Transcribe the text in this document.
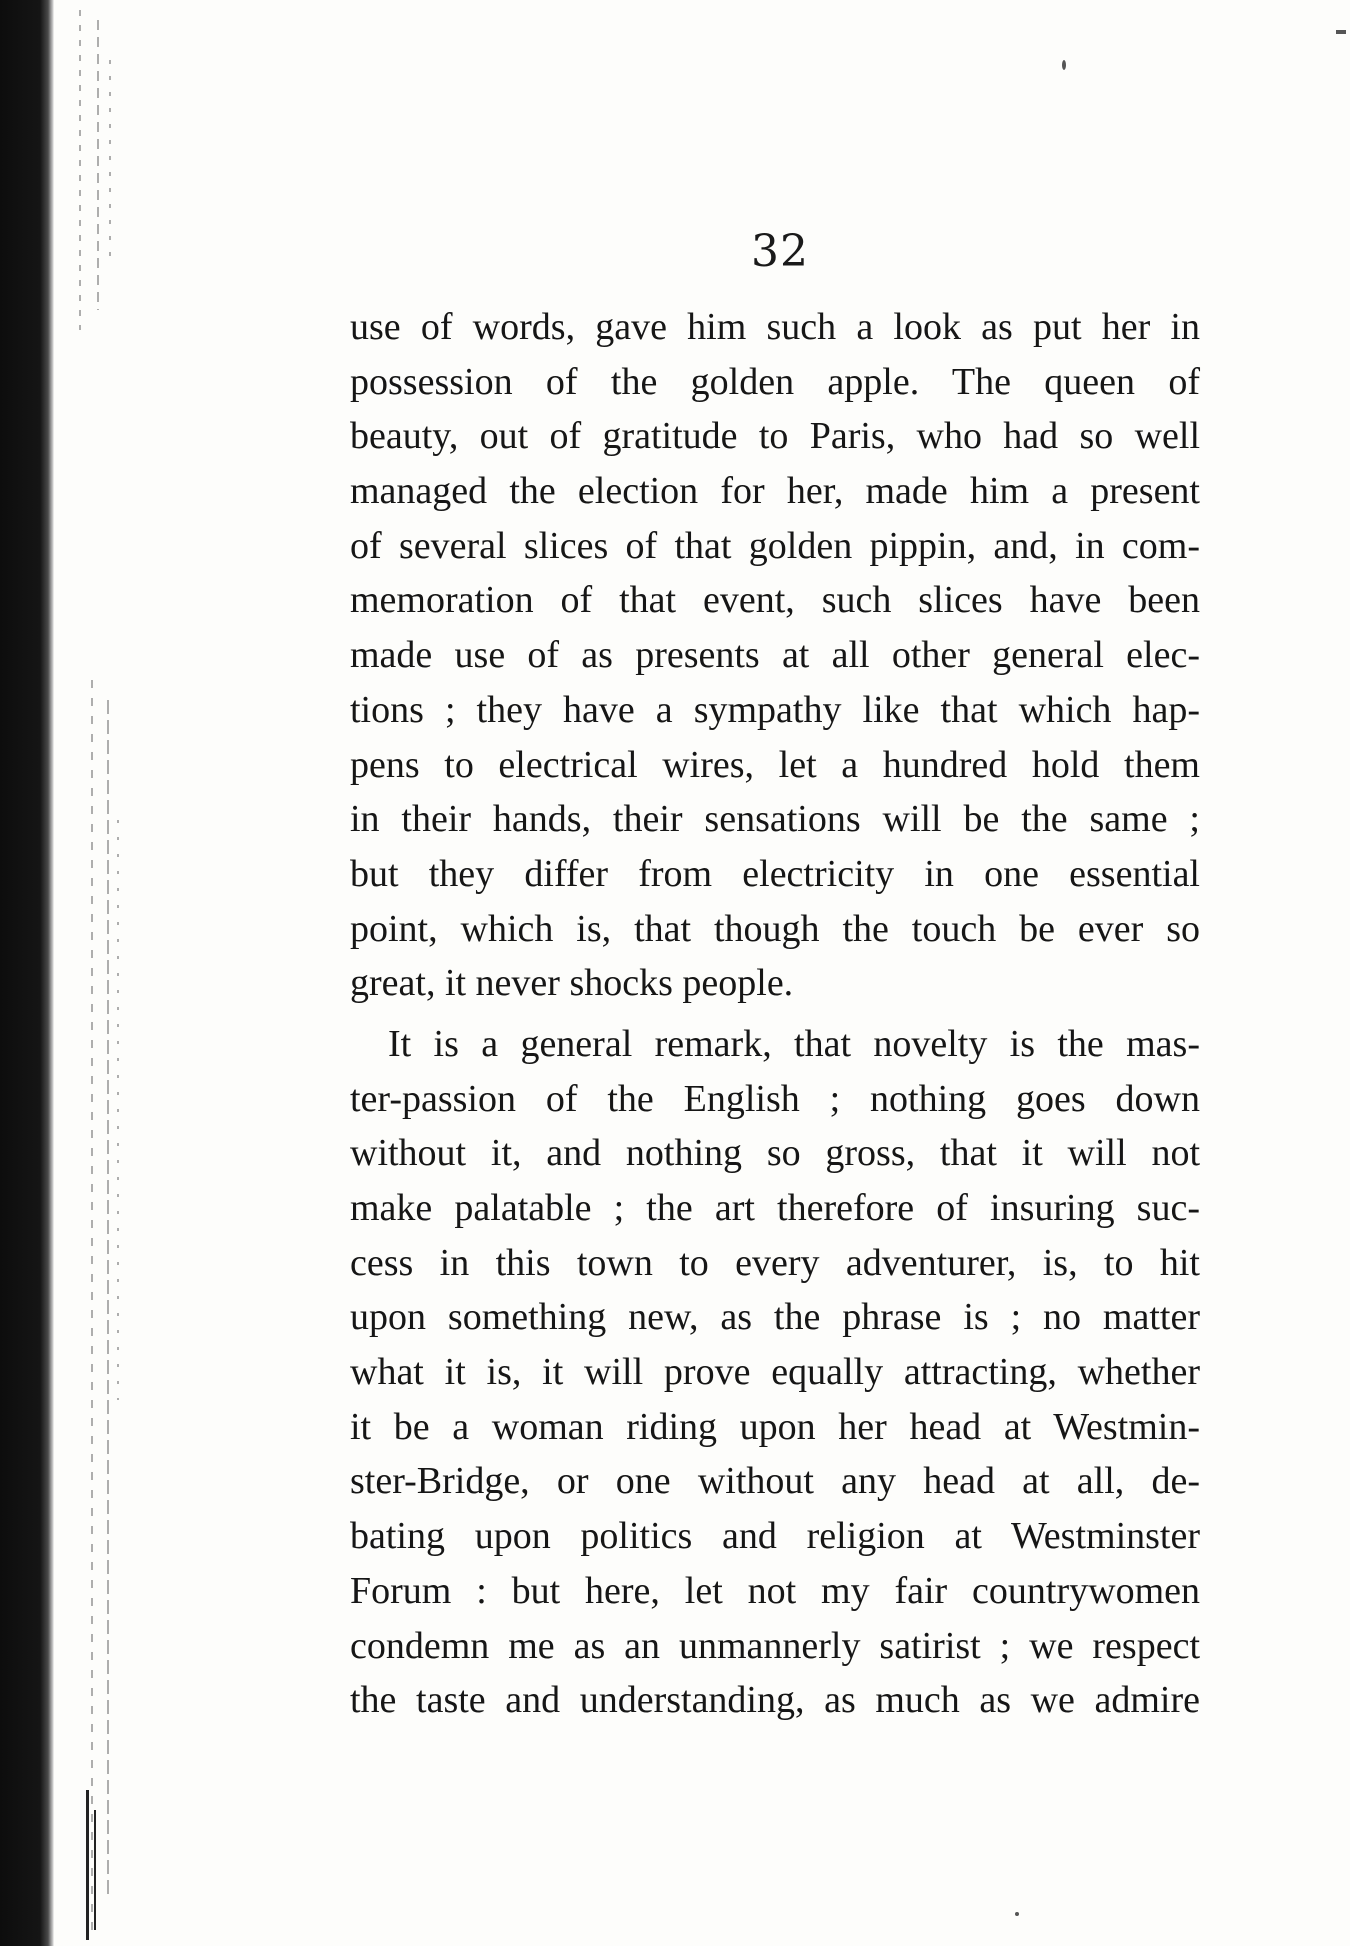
32
use of words, gave him such a look as put her in
possession of the golden apple. The queen of
beauty, out of gratitude to Paris, who had so well
managed the election for her, made him a present
of several slices of that golden pippin, and, in com-
memoration of that event, such slices have been
made use of as presents at all other general elec-
tions ; they have a sympathy like that which hap-
pens to electrical wires, let a hundred hold them
in their hands, their sensations will be the same ;
but they differ from electricity in one essential
point, which is, that though the touch be ever so
great, it never shocks people.
It is a general remark, that novelty is the mas-
ter-passion of the English ; nothing goes down
without it, and nothing so gross, that it will not
make palatable ; the art therefore of insuring suc-
cess in this town to every adventurer, is, to hit
upon something new, as the phrase is ; no matter
what it is, it will prove equally attracting, whether
it be a woman riding upon her head at Westmin-
ster-Bridge, or one without any head at all, de-
bating upon politics and religion at Westminster
Forum : but here, let not my fair countrywomen
condemn me as an unmannerly satirist ; we respect
the taste and understanding, as much as we admire
